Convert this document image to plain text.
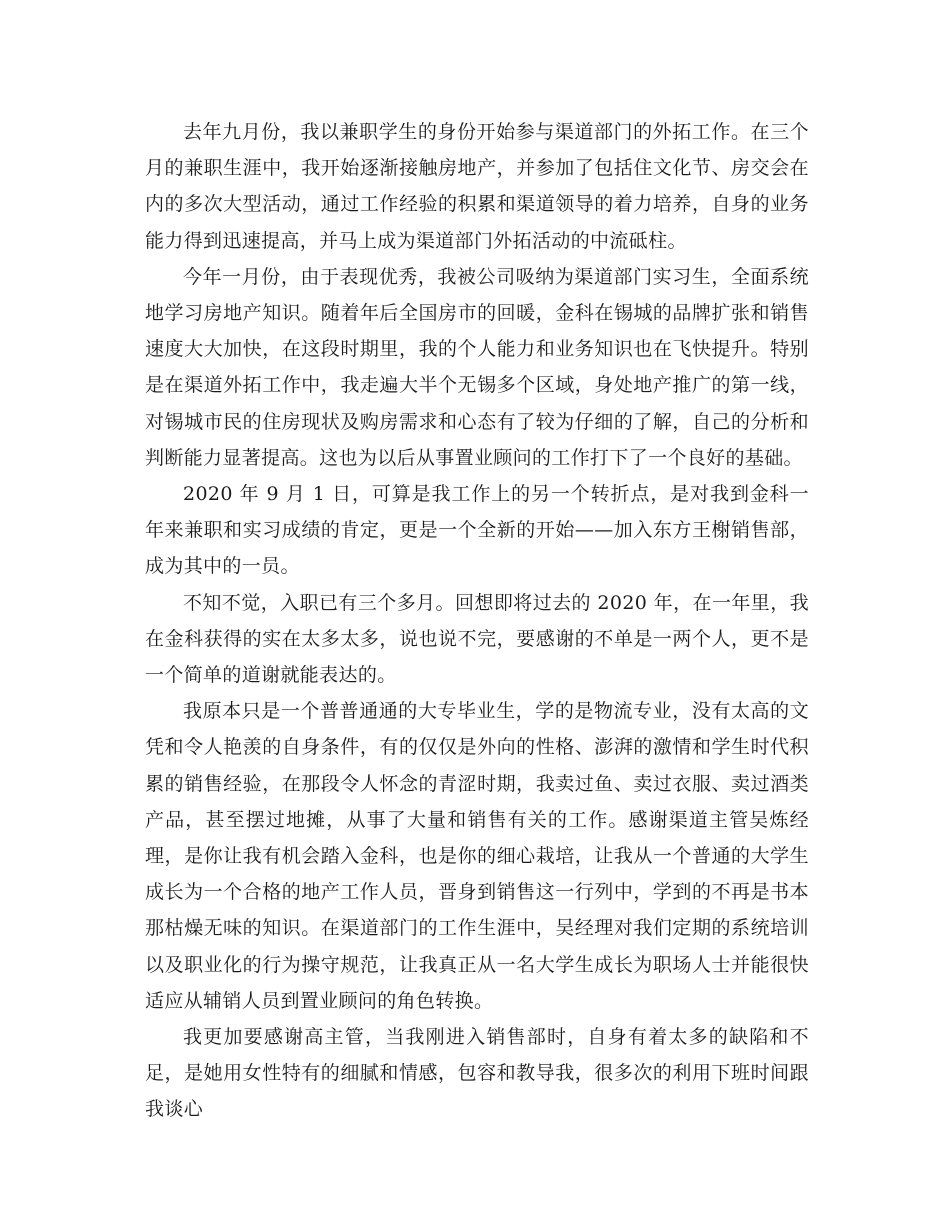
去年九月份，我以兼职学生的身份开始参与渠道部门的外拓工作。在三个月的兼职生涯中，我开始逐渐接触房地产，并参加了包括住文化节、房交会在内的多次大型活动，通过工作经验的积累和渠道领导的着力培养，自身的业务能力得到迅速提高，并马上成为渠道部门外拓活动的中流砥柱。

今年一月份，由于表现优秀，我被公司吸纳为渠道部门实习生，全面系统地学习房地产知识。随着年后全国房市的回暖，金科在锡城的品牌扩张和销售速度大大加快，在这段时期里，我的个人能力和业务知识也在飞快提升。特别是在渠道外拓工作中，我走遍大半个无锡多个区域，身处地产推广的第一线，对锡城市民的住房现状及购房需求和心态有了较为仔细的了解，自己的分析和判断能力显著提高。这也为以后从事置业顾问的工作打下了一个良好的基础。

2020 年 9 月 1 日，可算是我工作上的另一个转折点，是对我到金科一年来兼职和实习成绩的肯定，更是一个全新的开始——加入东方王榭销售部，成为其中的一员。

不知不觉，入职已有三个多月。回想即将过去的 2020 年，在一年里，我在金科获得的实在太多太多，说也说不完，要感谢的不单是一两个人，更不是一个简单的道谢就能表达的。

我原本只是一个普普通通的大专毕业生，学的是物流专业，没有太高的文凭和令人艳羡的自身条件，有的仅仅是外向的性格、澎湃的激情和学生时代积累的销售经验，在那段令人怀念的青涩时期，我卖过鱼、卖过衣服、卖过酒类产品，甚至摆过地摊，从事了大量和销售有关的工作。感谢渠道主管吴炼经理，是你让我有机会踏入金科，也是你的细心栽培，让我从一个普通的大学生成长为一个合格的地产工作人员，晋身到销售这一行列中，学到的不再是书本那枯燥无味的知识。在渠道部门的工作生涯中，吴经理对我们定期的系统培训以及职业化的行为操守规范，让我真正从一名大学生成长为职场人士并能很快适应从辅销人员到置业顾问的角色转换。

我更加要感谢高主管，当我刚进入销售部时，自身有着太多的缺陷和不足，是她用女性特有的细腻和情感，包容和教导我，很多次的利用下班时间跟我谈心
